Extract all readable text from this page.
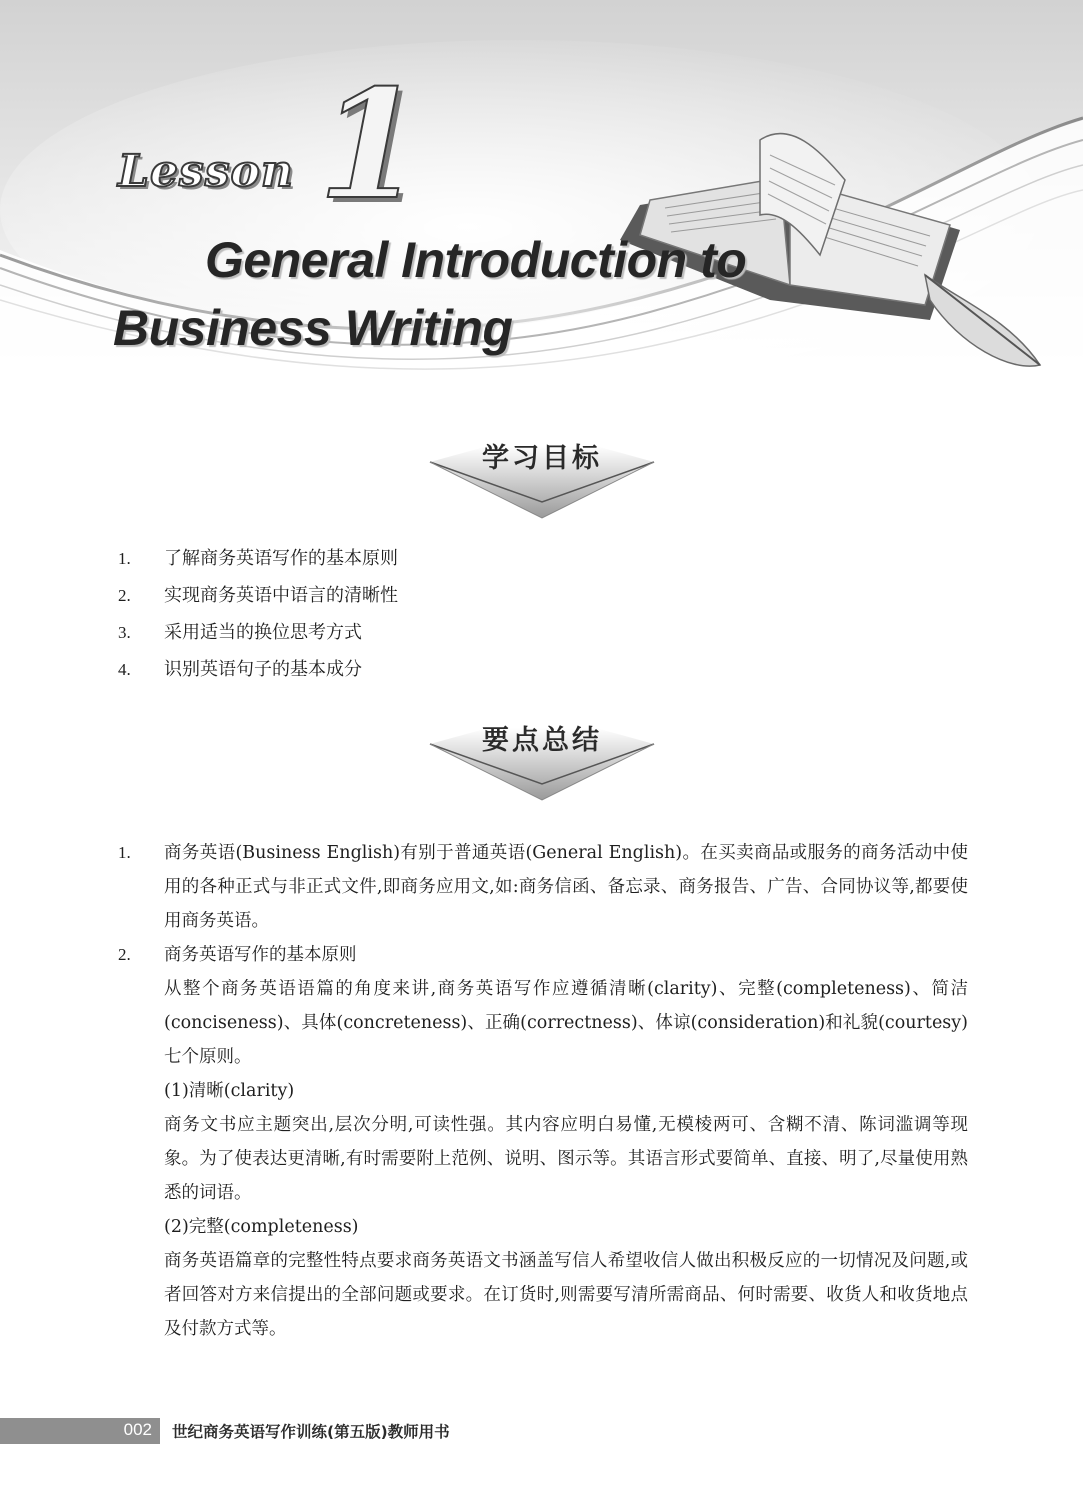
Lesson 1
General Introduction to
Business Writing
学习目标
1. 了解商务英语写作的基本原则
2. 实现商务英语中语言的清晰性
3. 采用适当的换位思考方式
4. 识别英语句子的基本成分
要点总结
1.	商务英语(Business English)有别于普通英语(General English)。在买卖商品或服务的商务活动中使用的各种正式与非正式文件,即商务应用文,如:商务信函、备忘录、商务报告、广告、合同协议等,都要使用商务英语。
2.	商务英语写作的基本原则
从整个商务英语语篇的角度来讲,商务英语写作应遵循清晰(clarity)、完整(completeness)、简洁(conciseness)、具体(concreteness)、正确(correctness)、体谅(consideration)和礼貌(courtesy)七个原则。
(1)清晰(clarity)
商务文书应主题突出,层次分明,可读性强。其内容应明白易懂,无模棱两可、含糊不清、陈词滥调等现象。为了使表达更清晰,有时需要附上范例、说明、图示等。其语言形式要简单、直接、明了,尽量使用熟悉的词语。
(2)完整(completeness)
商务英语篇章的完整性特点要求商务英语文书涵盖写信人希望收信人做出积极反应的一切情况及问题,或者回答对方来信提出的全部问题或要求。在订货时,则需要写清所需商品、何时需要、收货人和收货地点及付款方式等。
002 世纪商务英语写作训练(第五版)教师用书
